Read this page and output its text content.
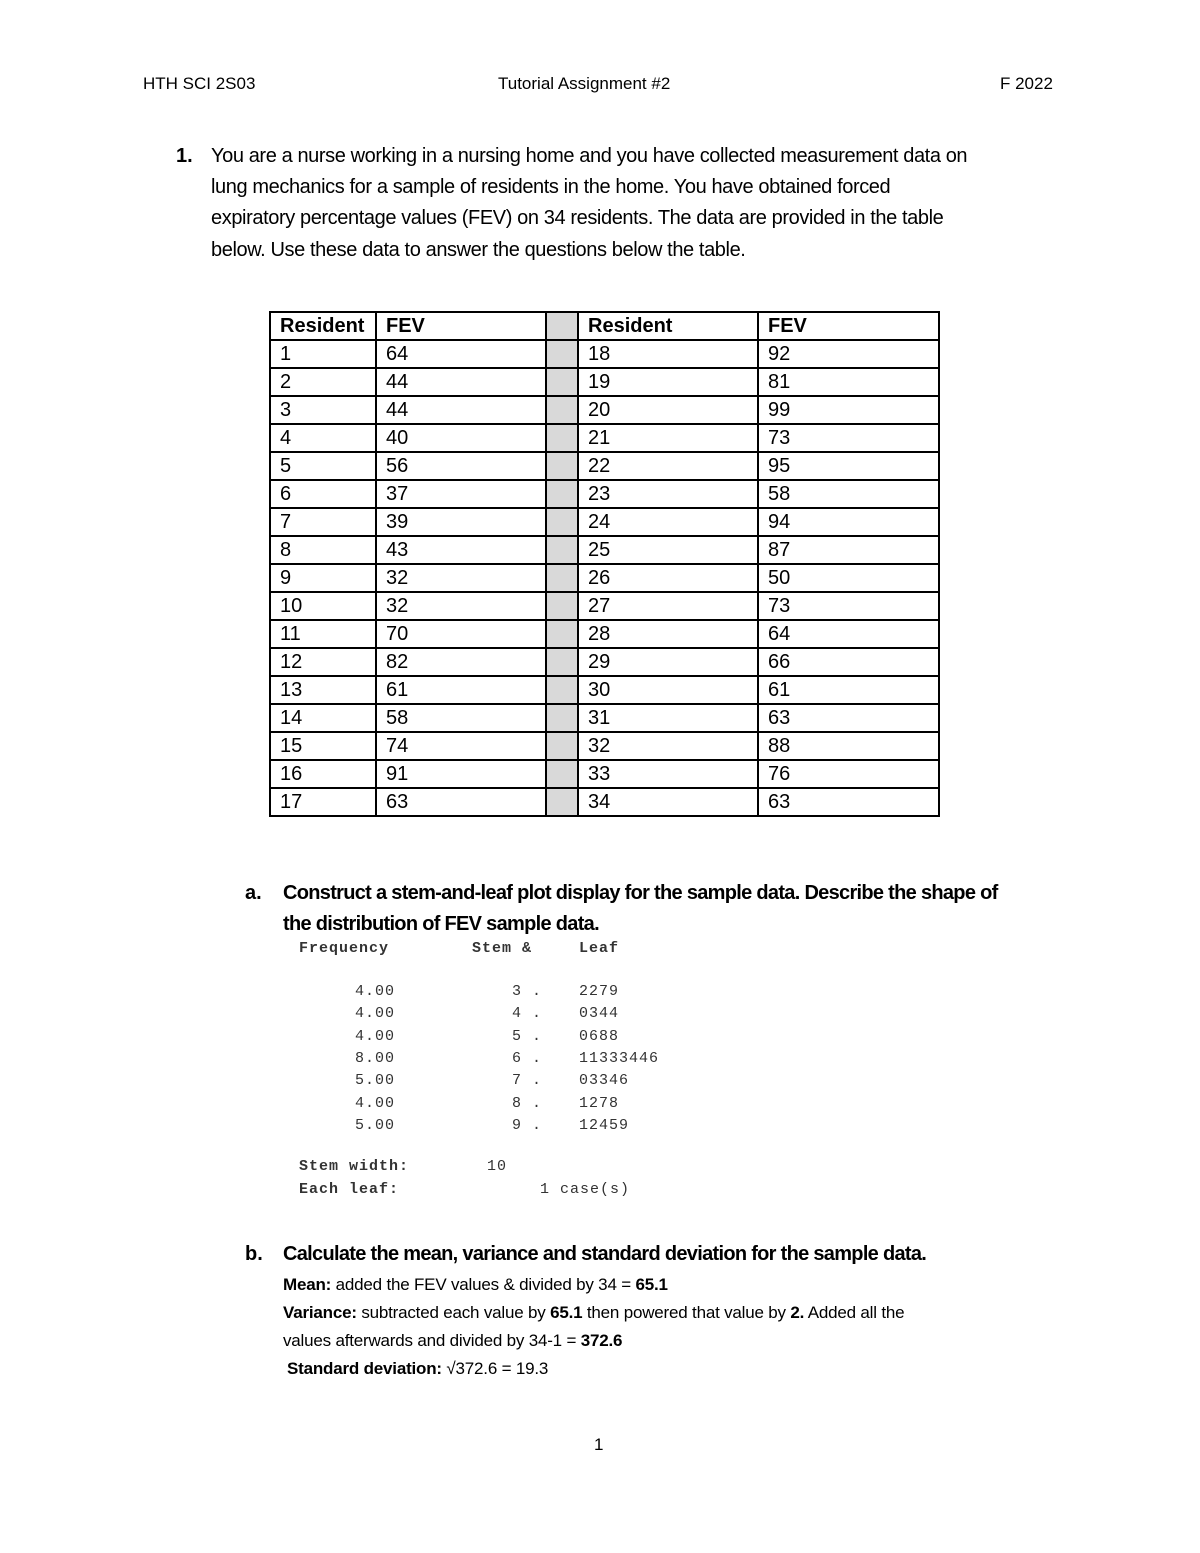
HTH SCI 2S03	Tutorial Assignment #2	F 2022
1. You are a nurse working in a nursing home and you have collected measurement data on
lung mechanics for a sample of residents in the home. You have obtained forced
expiratory percentage values (FEV) on 34 residents. The data are provided in the table
below. Use these data to answer the questions below the table.
Resident	FEV		Resident	FEV
1	64		18	92
2	44		19	81
3	44		20	99
4	40		21	73
5	56		22	95
6	37		23	58
7	39		24	94
8	43		25	87
9	32		26	50
10	32		27	73
11	70		28	64
12	82		29	66
13	61		30	61
14	58		31	63
15	74		32	88
16	91		33	76
17	63		34	63
a. Construct a stem-and-leaf plot display for the sample data. Describe the shape of
the distribution of FEV sample data.
Frequency	Stem &	Leaf
Stem width:	10
Each leaf:	1 case(s)
4.00	3 . 2279
4.00	4 . 0344
4.00	5 . 0688
8.00	6 . 11333446
5.00	7 . 03346
4.00	8 . 1278
5.00	9 . 12459
b. Calculate the mean, variance and standard deviation for the sample data.
Mean: added the FEV values & divided by 34 = 65.1
Variance: subtracted each value by 65.1 then powered that value by 2. Added all the
values afterwards and divided by 34-1 = 372.6
Standard deviation: √372.6 = 19.3
1
